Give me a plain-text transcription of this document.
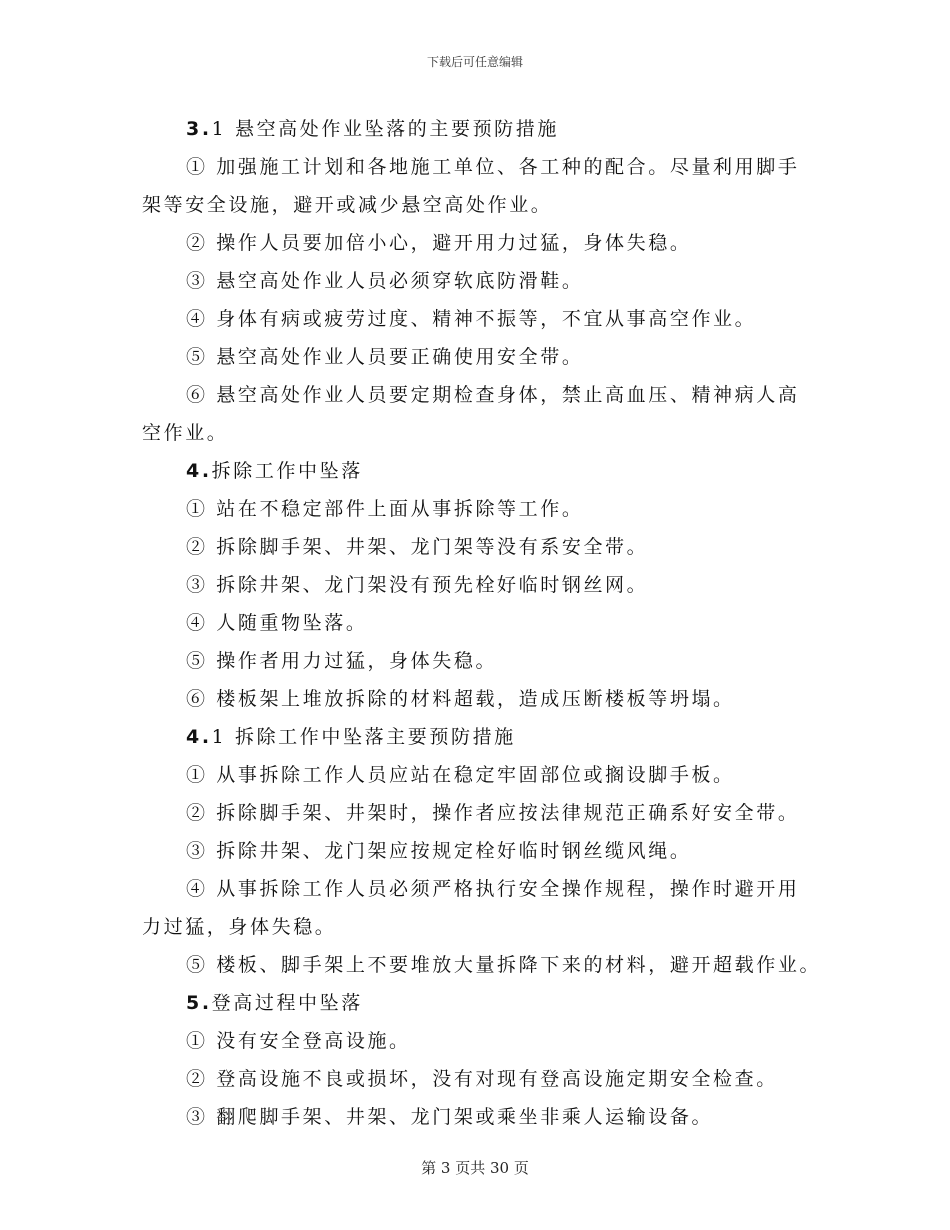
下载后可任意编辑
3.1 悬空高处作业坠落的主要预防措施
① 加强施工计划和各地施工单位、各工种的配合。尽量利用脚手
架等安全设施，避开或减少悬空高处作业。
② 操作人员要加倍小心，避开用力过猛，身体失稳。
③ 悬空高处作业人员必须穿软底防滑鞋。
④ 身体有病或疲劳过度、精神不振等，不宜从事高空作业。
⑤ 悬空高处作业人员要正确使用安全带。
⑥ 悬空高处作业人员要定期检查身体，禁止高血压、精神病人高
空作业。
4.拆除工作中坠落
① 站在不稳定部件上面从事拆除等工作。
② 拆除脚手架、井架、龙门架等没有系安全带。
③ 拆除井架、龙门架没有预先栓好临时钢丝网。
④ 人随重物坠落。
⑤ 操作者用力过猛，身体失稳。
⑥ 楼板架上堆放拆除的材料超载，造成压断楼板等坍塌。
4.1 拆除工作中坠落主要预防措施
① 从事拆除工作人员应站在稳定牢固部位或搁设脚手板。
② 拆除脚手架、井架时，操作者应按法律规范正确系好安全带。
③ 拆除井架、龙门架应按规定栓好临时钢丝缆风绳。
④ 从事拆除工作人员必须严格执行安全操作规程，操作时避开用
力过猛，身体失稳。
⑤ 楼板、脚手架上不要堆放大量拆降下来的材料，避开超载作业。
5.登高过程中坠落
① 没有安全登高设施。
② 登高设施不良或损坏，没有对现有登高设施定期安全检查。
③ 翻爬脚手架、井架、龙门架或乘坐非乘人运输设备。
第 3 页共 30 页
